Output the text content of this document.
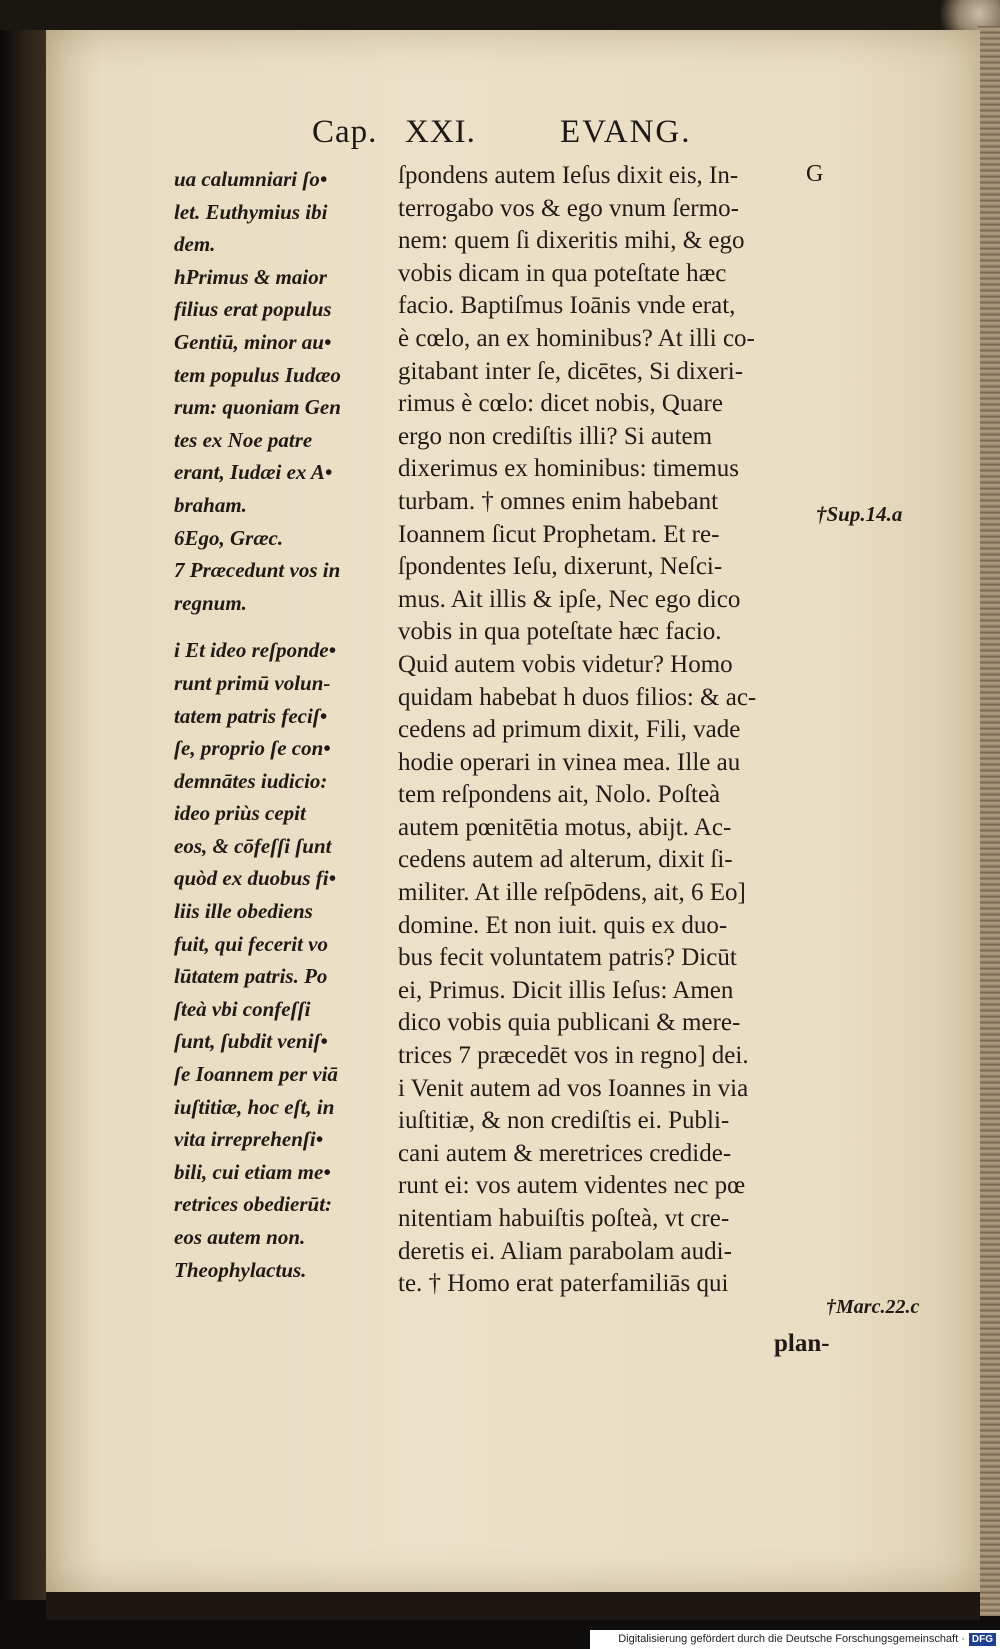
Cap. XXI.	EVANG.
ua calumniari ſo•
let. Euthymius ibi
dem.
hPrimus & maior
filius erat populus
Gentiū, minor au•
tem populus Iudæo
rum: quoniam Gen
tes ex Noe patre
erant, Iudæi ex A•
braham.
6Ego, Græc.
7 Præcedunt vos in
regnum.
i Et ideo reſponde•
runt primū volun-
tatem patris feciſ•
ſe, proprio ſe con•
demnātes iudicio:
ideo priùs cepit
eos, & cōfeſſi ſunt
quòd ex duobus fi•
liis ille obediens
fuit, qui fecerit vo
lūtatem patris. Po
ſteà vbi confeſſi
ſunt, ſubdit veniſ•
ſe Ioannem per viā
iuſtitiæ, hoc eſt, in
vita irreprehenſi•
bili, cui etiam me•
retrices obedierūt:
eos autem non.
Theophylactus.
ſpondens autem Ieſus dixit eis, In-
terrogabo vos & ego vnum ſermo-
nem: quem ſi dixeritis mihi, & ego
vobis dicam in qua poteſtate hæc
facio. Baptiſmus Ioānis vnde erat,
è cœlo, an ex hominibus? At illi co-
gitabant inter ſe, dicētes, Si dixeri-
rimus è cœlo: dicet nobis, Quare
ergo non crediſtis illi? Si autem
dixerimus ex hominibus: timemus
turbam. † omnes enim habebant
Ioannem ſicut Prophetam. Et re-
ſpondentes Ieſu, dixerunt, Neſci-
mus. Ait illis & ipſe, Nec ego dico
vobis in qua poteſtate hæc facio.
Quid autem vobis videtur? Homo
quidam habebat h duos filios: & ac-
cedens ad primum dixit, Fili, vade
hodie operari in vinea mea. Ille au
tem reſpondens ait, Nolo. Poſteà
autem pœnitētia motus, abijt. Ac-
cedens autem ad alterum, dixit ſi-
militer. At ille reſpōdens, ait, 6 Eo]
domine. Et non iuit. quis ex duo-
bus fecit voluntatem patris? Dicūt
ei, Primus. Dicit illis Ieſus: Amen
dico vobis quia publicani & mere-
trices 7 præcedēt vos in regno] dei.
i Venit autem ad vos Ioannes in via
iuſtitiæ, & non crediſtis ei. Publi-
cani autem & meretrices credide-
runt ei: vos autem videntes nec pœ
nitentiam habuiſtis poſteà, vt cre-
deretis ei. Aliam parabolam audi-
te. † Homo erat paterfamiliās qui
G
†Sup.14.a
†Marc.22.c
plan-
Digitalisierung gefördert durch die Deutsche Forschungsgemeinschaft · DFG
